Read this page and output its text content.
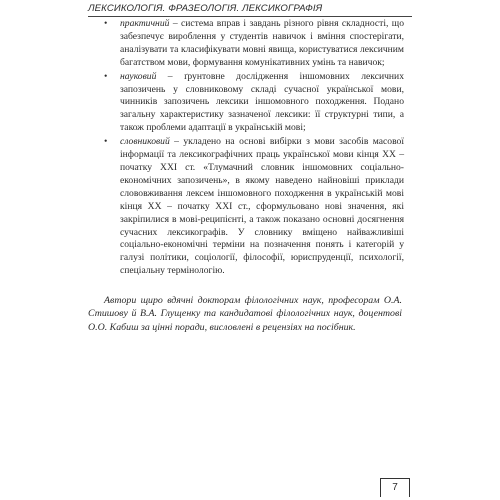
ЛЕКСИКОЛОГІЯ. ФРАЗЕОЛОГІЯ. ЛЕКСИКОГРАФІЯ
• практичний – система вправ і завдань різного рівня складності, що забезпечує вироблення у студентів навичок і вміння спостерігати, аналізувати та класифікувати мовні явища, користуватися лексичним багатством мови, формування комунікативних умінь та навичок;
• науковий – ґрунтовне дослідження іншомовних лексичних запозичень у словниковому складі сучасної української мови, чинників запозичень лексики іншомовного походження. Подано загальну характеристику зазначеної лексики: її структурні типи, а також проблеми адаптації в українській мові;
• словниковий – укладено на основі вибірки з мови засобів масової інформації та лексикографічних праць української мови кінця XX – початку XXI ст. «Тлумачний словник іншомовних соціально-економічних запозичень», в якому наведено найновіші приклади слововживання лексем іншомовного походження в українській мові кінця XX – початку XXI ст., сформульовано нові значення, які закріпилися в мові-реципієнті, а також показано основні досягнення сучасних лексикографів. У словнику вміщено найважливіші соціально-економічні терміни на позначення понять і категорій у галузі політики, соціології, філософії, юриспруденції, психології, спеціальну термінологію.

Автори щиро вдячні докторам філологічних наук, професорам О.А. Стишову й В.А. Глущенку та кандидатові філологічних наук, доцентові О.О. Кабиш за цінні поради, висловлені в рецензіях на посібник.

7
